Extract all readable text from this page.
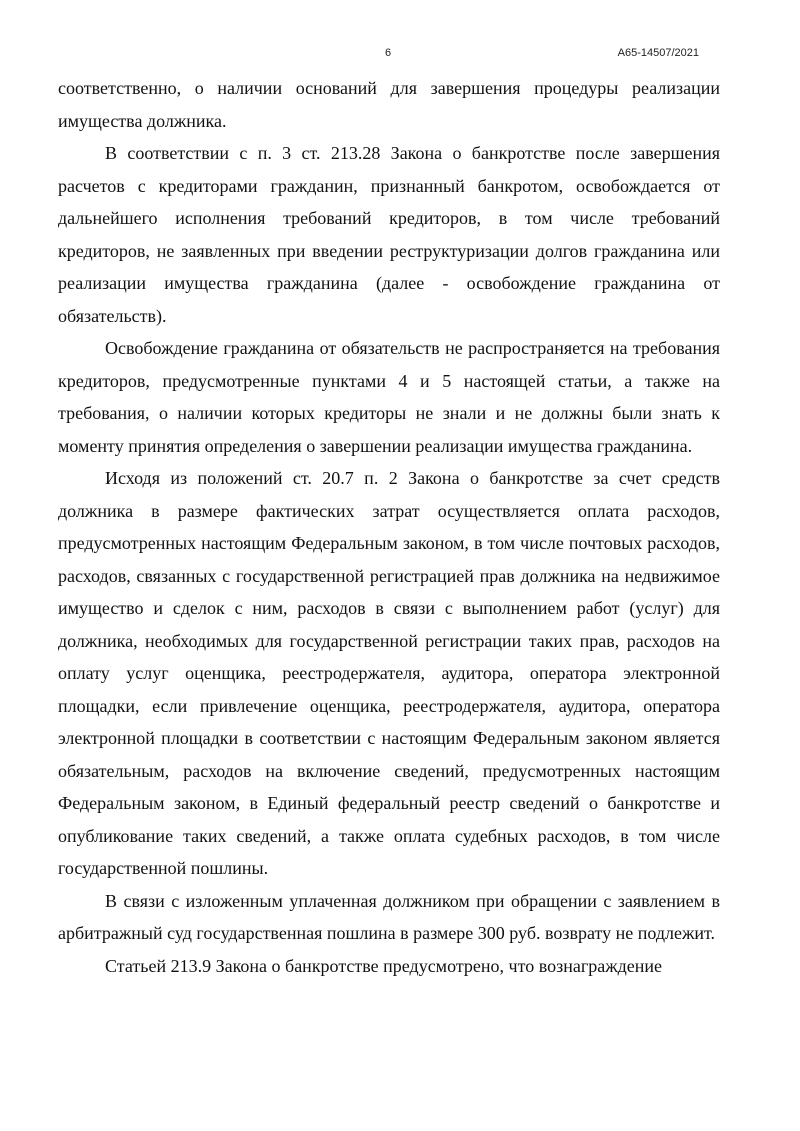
6	А65-14507/2021

соответственно, о наличии оснований для завершения процедуры реализации имущества должника.

В соответствии с п. 3 ст. 213.28 Закона о банкротстве после завершения расчетов с кредиторами гражданин, признанный банкротом, освобождается от дальнейшего исполнения требований кредиторов, в том числе требований кредиторов, не заявленных при введении реструктуризации долгов гражданина или реализации имущества гражданина (далее - освобождение гражданина от обязательств).

Освобождение гражданина от обязательств не распространяется на требования кредиторов, предусмотренные пунктами 4 и 5 настоящей статьи, а также на требования, о наличии которых кредиторы не знали и не должны были знать к моменту принятия определения о завершении реализации имущества гражданина.

Исходя из положений ст. 20.7 п. 2 Закона о банкротстве за счет средств должника в размере фактических затрат осуществляется оплата расходов, предусмотренных настоящим Федеральным законом, в том числе почтовых расходов, расходов, связанных с государственной регистрацией прав должника на недвижимое имущество и сделок с ним, расходов в связи с выполнением работ (услуг) для должника, необходимых для государственной регистрации таких прав, расходов на оплату услуг оценщика, реестродержателя, аудитора, оператора электронной площадки, если привлечение оценщика, реестродержателя, аудитора, оператора электронной площадки в соответствии с настоящим Федеральным законом является обязательным, расходов на включение сведений, предусмотренных настоящим Федеральным законом, в Единый федеральный реестр сведений о банкротстве и опубликование таких сведений, а также оплата судебных расходов, в том числе государственной пошлины.

В связи с изложенным уплаченная должником при обращении с заявлением в арбитражный суд государственная пошлина в размере 300 руб. возврату не подлежит.

Статьей 213.9 Закона о банкротстве предусмотрено, что вознаграждение
